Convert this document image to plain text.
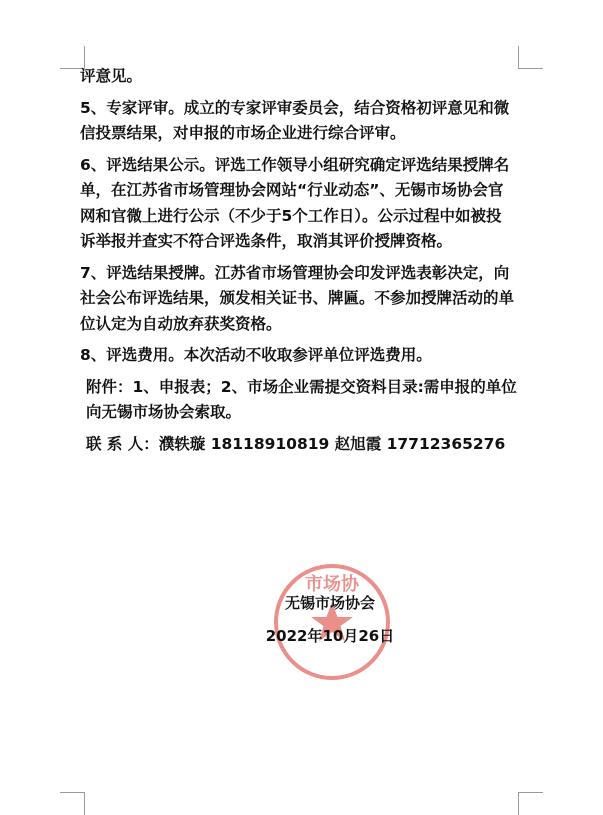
评意见。
5、专家评审。成立的专家评审委员会，结合资格初评意见和微
信投票结果，对申报的市场企业进行综合评审。
6、评选结果公示。评选工作领导小组研究确定评选结果授牌名
单，在江苏省市场管理协会网站“行业动态”、无锡市场协会官
网和官微上进行公示（不少于5个工作日）。公示过程中如被投
诉举报并查实不符合评选条件，取消其评价授牌资格。
7、评选结果授牌。江苏省市场管理协会印发评选表彰决定，向
社会公布评选结果，颁发相关证书、牌匾。不参加授牌活动的单
位认定为自动放弃获奖资格。
8、评选费用。本次活动不收取参评单位评选费用。
附件：1、申报表；2、市场企业需提交资料目录:需申报的单位
向无锡市场协会索取。
联 系 人：濮轶璇 18118910819 赵旭霞 17712365276
市场协
无锡市场协会
2022年10月26日
